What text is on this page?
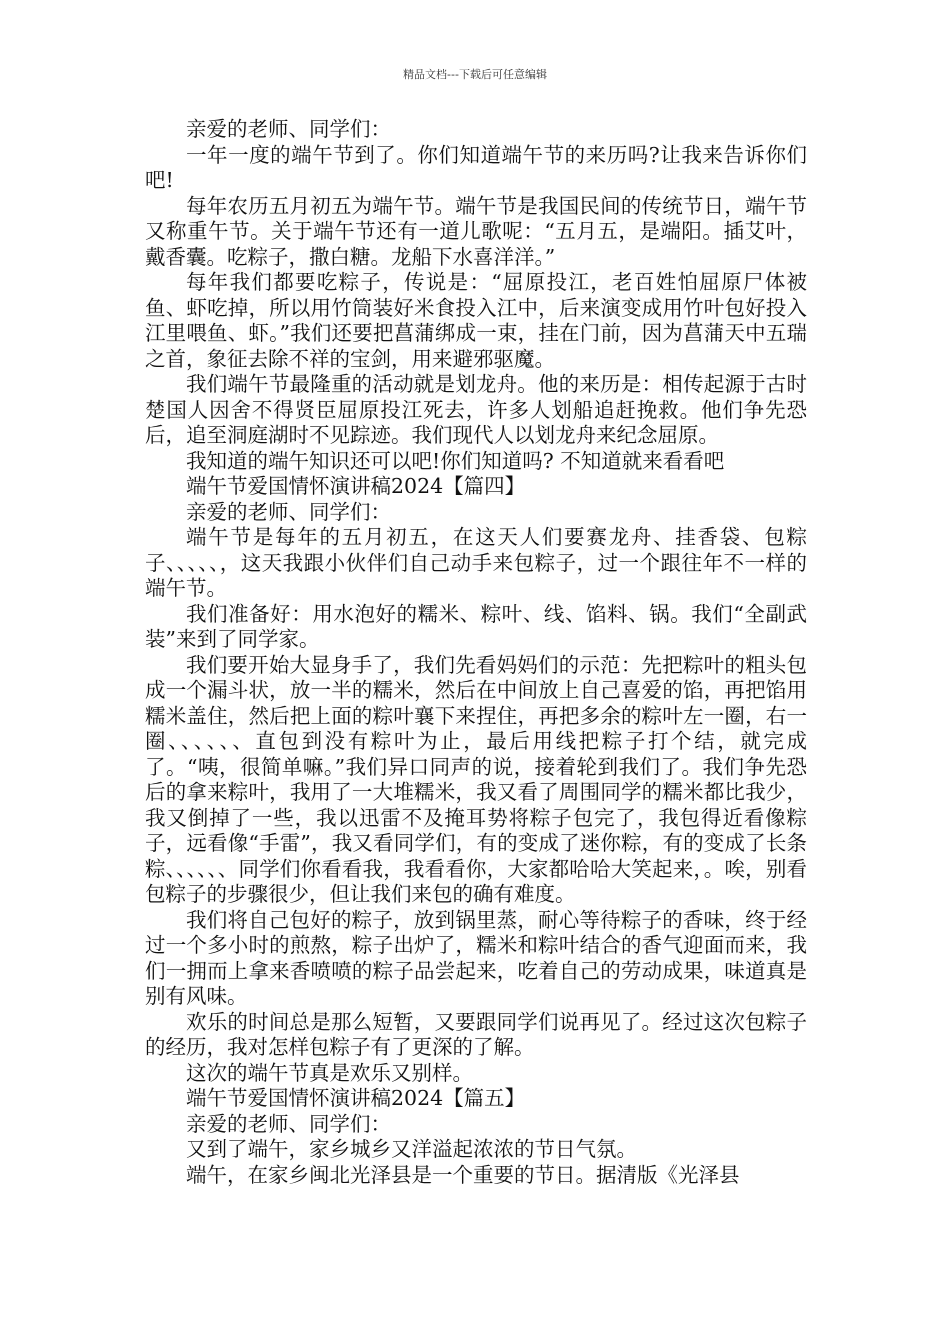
精品文档---下载后可任意编辑

亲爱的老师、同学们：

一年一度的端午节到了。你们知道端午节的来历吗?让我来告诉你们吧!

每年农历五月初五为端午节。端午节是我国民间的传统节日，端午节又称重午节。关于端午节还有一道儿歌呢：“五月五，是端阳。插艾叶，戴香囊。吃粽子，撒白糖。龙船下水喜洋洋。”

每年我们都要吃粽子，传说是：“屈原投江，老百姓怕屈原尸体被鱼、虾吃掉，所以用竹筒装好米食投入江中，后来演变成用竹叶包好投入江里喂鱼、虾。”我们还要把菖蒲绑成一束，挂在门前，因为菖蒲天中五瑞之首，象征去除不祥的宝剑，用来避邪驱魔。

我们端午节最隆重的活动就是划龙舟。他的来历是：相传起源于古时楚国人因舍不得贤臣屈原投江死去，许多人划船追赶挽救。他们争先恐后，追至洞庭湖时不见踪迹。我们现代人以划龙舟来纪念屈原。

我知道的端午知识还可以吧!你们知道吗? 不知道就来看看吧

端午节爱国情怀演讲稿2024【篇四】

亲爱的老师、同学们：

端午节是每年的五月初五，在这天人们要赛龙舟、挂香袋、包粽子、、、、、，这天我跟小伙伴们自己动手来包粽子，过一个跟往年不一样的端午节。

我们准备好：用水泡好的糯米、粽叶、线、馅料、锅。我们“全副武装”来到了同学家。

我们要开始大显身手了，我们先看妈妈们的示范：先把粽叶的粗头包成一个漏斗状，放一半的糯米，然后在中间放上自己喜爱的馅，再把馅用糯米盖住，然后把上面的粽叶襄下来捏住，再把多余的粽叶左一圈，右一圈、、、、、、直包到没有粽叶为止，最后用线把粽子打个结，就完成了。“咦，很简单嘛。”我们异口同声的说，接着轮到我们了。我们争先恐后的拿来粽叶，我用了一大堆糯米，我又看了周围同学的糯米都比我少，我又倒掉了一些，我以迅雷不及掩耳势将粽子包完了，我包得近看像粽子，远看像“手雷”，我又看同学们，有的变成了迷你粽，有的变成了长条粽、、、、、、同学们你看看我，我看看你，大家都哈哈大笑起来，。唉，别看包粽子的步骤很少，但让我们来包的确有难度。

我们将自己包好的粽子，放到锅里蒸，耐心等待粽子的香味，终于经过一个多小时的煎熬，粽子出炉了，糯米和粽叶结合的香气迎面而来，我们一拥而上拿来香喷喷的粽子品尝起来，吃着自己的劳动成果，味道真是别有风味。

欢乐的时间总是那么短暂，又要跟同学们说再见了。经过这次包粽子的经历，我对怎样包粽子有了更深的了解。

这次的端午节真是欢乐又别样。

端午节爱国情怀演讲稿2024【篇五】

亲爱的老师、同学们：

又到了端午，家乡城乡又洋溢起浓浓的节日气氛。

端午，在家乡闽北光泽县是一个重要的节日。据清版《光泽县
